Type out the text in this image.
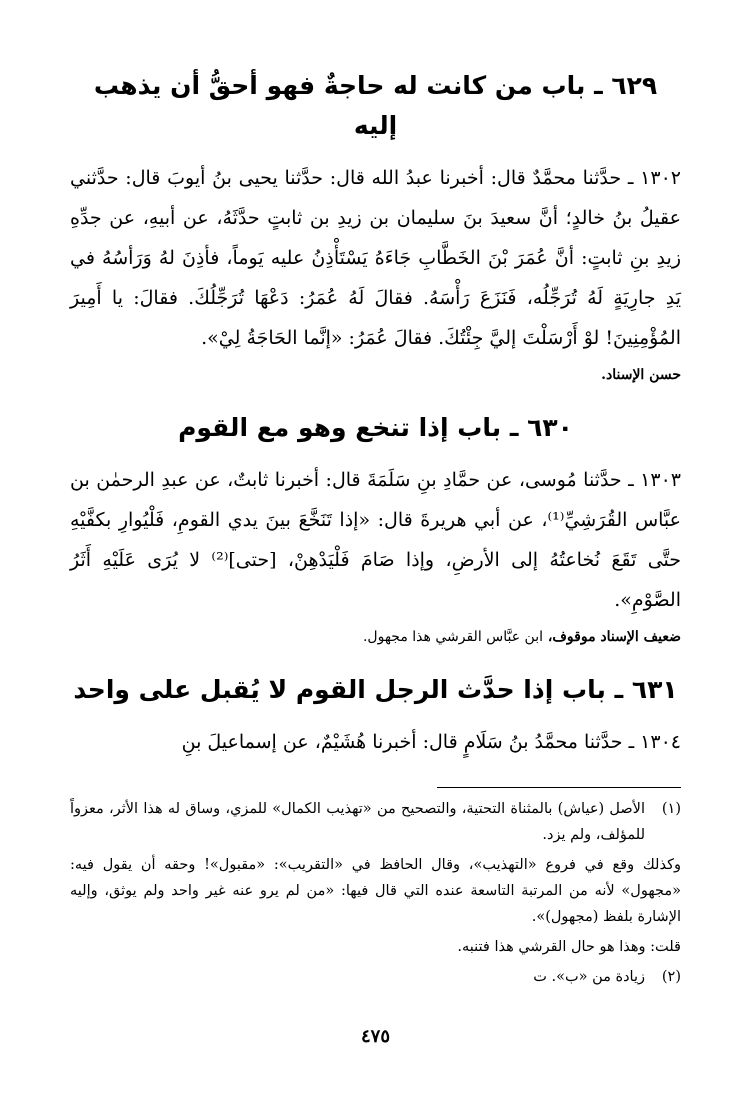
٦٢٩ ـ باب من كانت له حاجةٌ فهو أحقُّ أن يذهب إليه

١٣٠٢ ـ حدَّثنا محمَّدٌ قال: أخبرنا عبدُ الله قال: حدَّثنا يحيى بنُ أيوبَ قال: حدَّثني عقيلُ بنُ خالدٍ؛ أنَّ سعيدَ بنَ سليمان بن زيدِ بن ثابتٍ حدَّثَهُ، عن أبيهِ، عن جدِّهِ زيدِ بنِ ثابتٍ: أنَّ عُمَرَ بْنَ الخَطَّابِ جَاءَهُ يَسْتَأْذِنُ عليه يَوماً، فأذِنَ لهُ وَرَأسُهُ في يَدِ جارِيَةٍ لَهُ تُرَجِّلُه، فَنَزَعَ رَأْسَهُ. فقالَ لَهُ عُمَرُ: دَعْهَا تُرَجِّلُكَ. فقالَ: يا أَمِيرَ المُؤْمِنِينَ! لوْ أَرْسَلْتَ إليَّ جِئْتُكَ. فقالَ عُمَرُ: «إنَّما الحَاجَةُ لِيْ».

حسن الإسناد.

٦٣٠ ـ باب إذا تنخع وهو مع القوم

١٣٠٣ ـ حدَّثنا مُوسى، عن حمَّادِ بنِ سَلَمَةَ قال: أخبرنا ثابتٌ، عن عبدِ الرحمٰن بن عبَّاس القُرَشِيِّ⁽¹⁾، عن أبي هريرةَ قال: «إذا تَنَخَّعَ بينَ يدي القومِ، فَلْيُوارِ بكفَّيْهِ حتَّى تَقَعَ نُخاعتُهُ إلى الأرضِ، وإذا صَامَ فَلْيَدْهِنْ، [حتى]⁽²⁾ لا يُرَى عَلَيْهِ أَثَرُ الصَّوْمِ».

ضعيف الإسناد موقوف، ابن عبَّاس القرشي هذا مجهول.

٦٣١ ـ باب إذا حدَّث الرجل القوم لا يُقبل على واحد

١٣٠٤ ـ حدَّثنا محمَّدُ بنُ سَلَامٍ قال: أخبرنا هُشَيْمٌ، عن إسماعيلَ بنِ

(١)
الأصل (عياش) بالمثناة التحتية، والتصحيح من «تهذيب الكمال» للمزي، وساق له هذا الأثر، معزواً للمؤلف، ولم يزد.
وكذلك وقع في فروع «التهذيب»، وقال الحافظ في «التقريب»: «مقبول»! وحقه أن يقول فيه: «مجهول» لأنه من المرتبة التاسعة عنده التي قال فيها: «من لم يرو عنه غير واحد ولم يوثق، وإليه الإشارة بلفظ (مجهول)».
قلت: وهذا هو حال القرشي هذا فتنبه.
(٢)
زيادة من «ب». ت
٤٧٥
